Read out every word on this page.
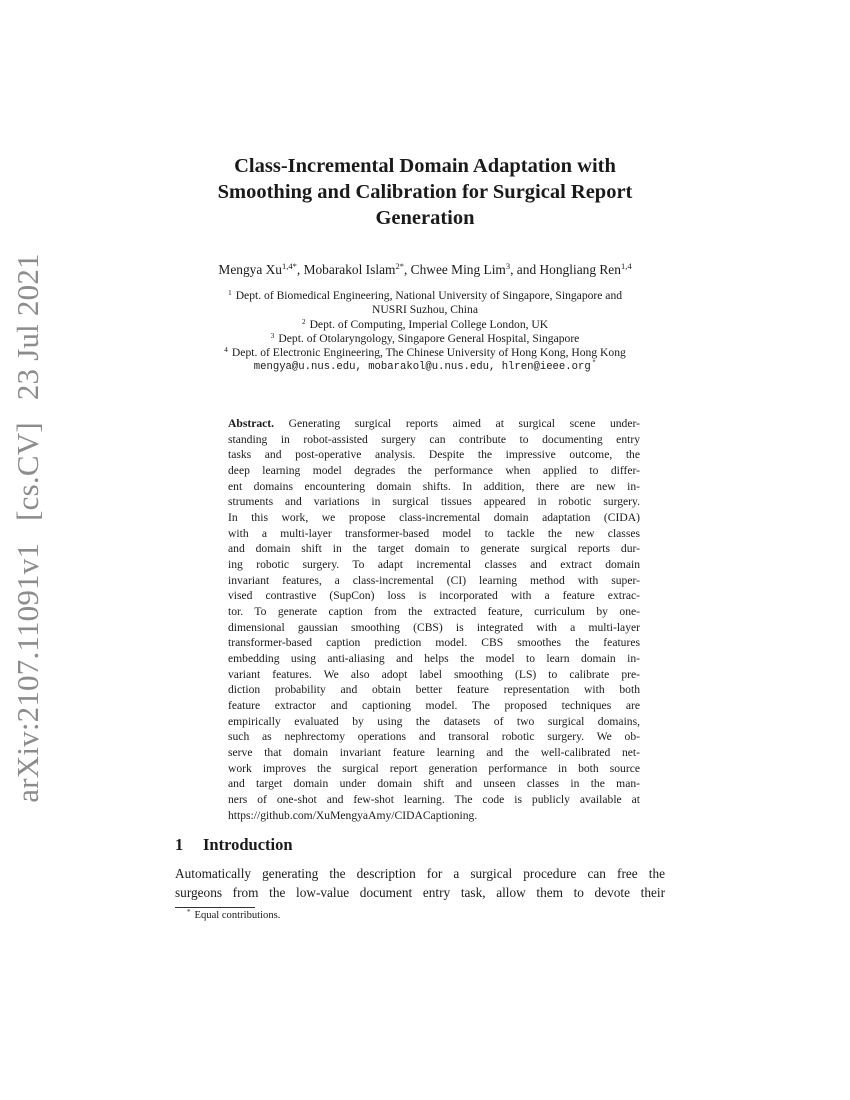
arXiv:2107.11091v1[cs.CV]23 Jul 2021
Class-Incremental Domain Adaptation with
Smoothing and Calibration for Surgical Report
Generation
Mengya $Xu^{1,4*}$, Mobarakol Islam$^{2*}$, Chwee Ming Lim$^3$, and Hongliang Ren$^{1,4}$
$^1$ Dept. of Biomedical Engineering, National University of Singapore, Singapore and
NUSRI Suzhou, China
$^2$ Dept. of Computing, Imperial College London, UK
$^3$ Dept. of Otolaryngology, Singapore General Hospital, Singapore
$^4$ Dept. of Electronic Engineering, The Chinese University of Hong Kong, Hong Kong
mengya@u.nus.edu, mobarakol@u.nus.edu, hlren@ieee.org*
Abstract. Generating surgical reports aimed at surgical scene under-
standing in robot-assisted surgery can contribute to documenting entry
tasks and post-operative analysis. Despite the impressive outcome, the
deep learning model degrades the performance when applied to differ-
ent domains encountering domain shifts. In addition, there are new in-
struments and variations in surgical tissues appeared in robotic surgery.
In this work, we propose class-incremental domain adaptation (CIDA)
with a multi-layer transformer-based model to tackle the new classes
and domain shift in the target domain to generate surgical reports dur-
ing robotic surgery. To adapt incremental classes and extract domain
invariant features, a class-incremental (CI) learning method with super-
vised contrastive (SupCon) loss is incorporated with a feature extrac-
tor. To generate caption from the extracted feature, curriculum by one-
dimensional gaussian smoothing (CBS) is integrated with a multi-layer
transformer-based caption prediction model. CBS smoothes the features
embedding using anti-aliasing and helps the model to learn domain in-
variant features. We also adopt label smoothing (LS) to calibrate pre-
diction probability and obtain better feature representation with both
feature extractor and captioning model. The proposed techniques are
empirically evaluated by using the datasets of two surgical domains,
such as nephrectomy operations and transoral robotic surgery. We ob-
serve that domain invariant feature learning and the well-calibrated net-
work improves the surgical report generation performance in both source
and target domain under domain shift and unseen classes in the man-
ners of one-shot and few-shot learning. The code is publicly available at
https://github.com/XuMengyaAmy/CIDACaptioning.
1 Introduction
Automatically generating the description for a surgical procedure can free the
surgeons from the low-value document entry task, allow them to devote their
* Equal contributions.
